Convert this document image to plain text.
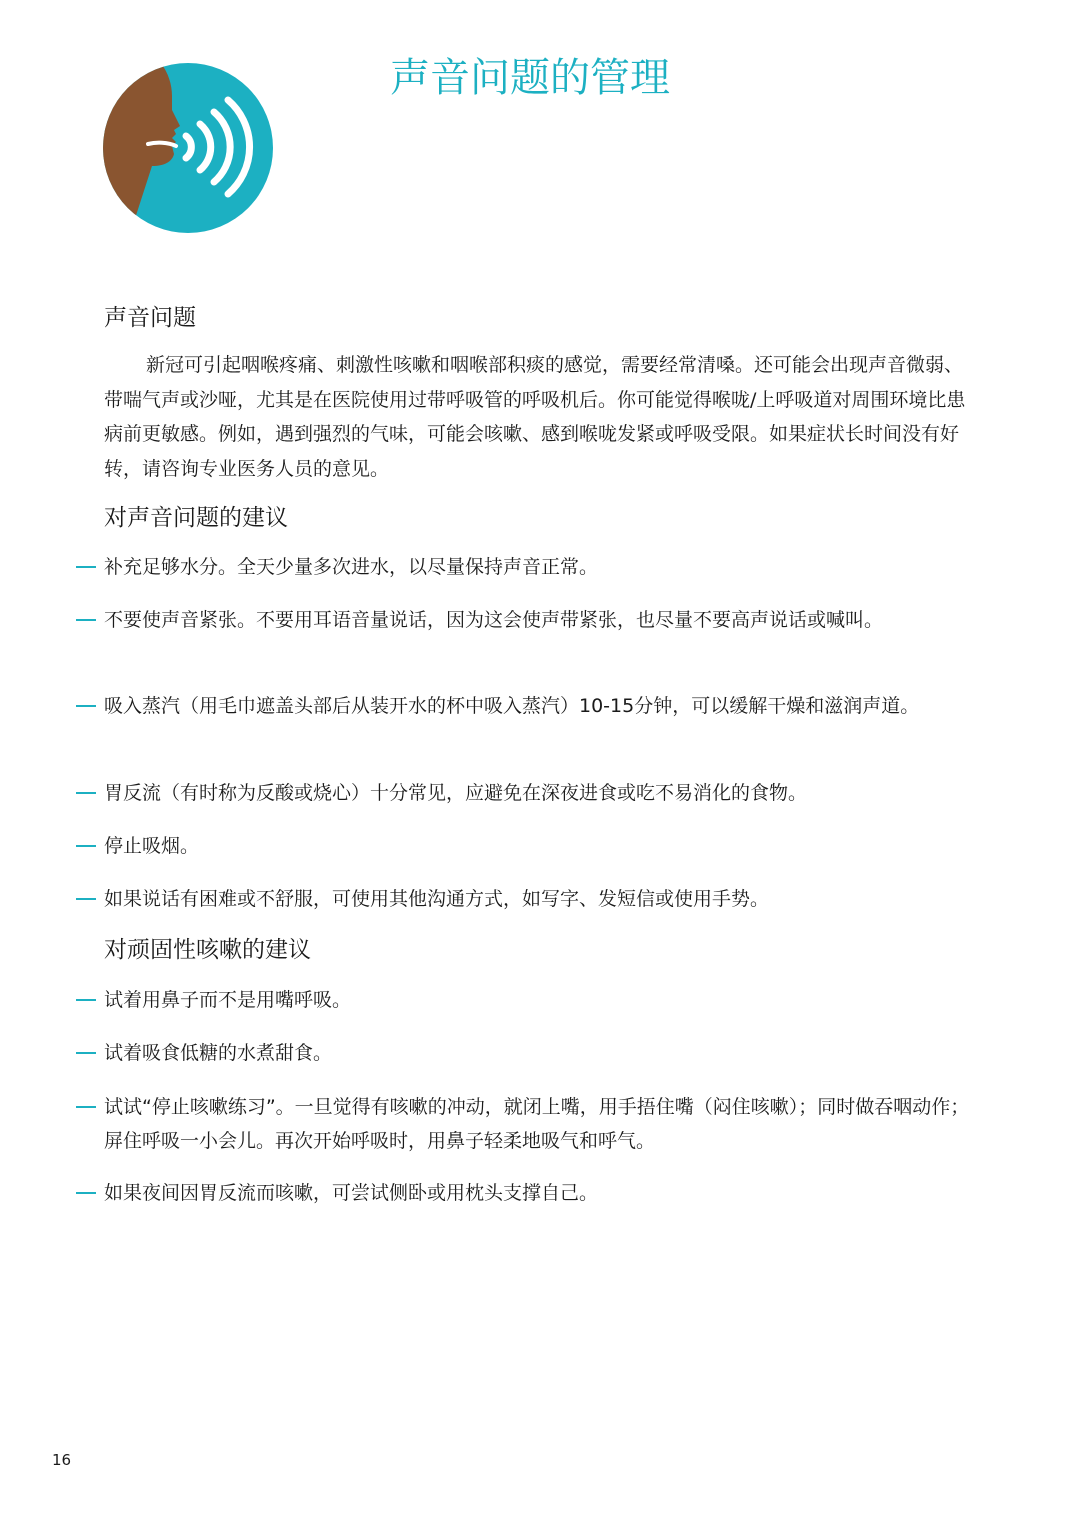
声音问题的管理
声音问题

新冠可引起咽喉疼痛、刺激性咳嗽和咽喉部积痰的感觉，需要经常清嗓。还可能会出现声音微弱、带喘气声或沙哑，尤其是在医院使用过带呼吸管的呼吸机后。你可能觉得喉咙/上呼吸道对周围环境比患病前更敏感。例如，遇到强烈的气味，可能会咳嗽、感到喉咙发紧或呼吸受限。如果症状长时间没有好转，请咨询专业医务人员的意见。

对声音问题的建议
补充足够水分。全天少量多次进水，以尽量保持声音正常。
不要使声音紧张。不要用耳语音量说话，因为这会使声带紧张，也尽量不要高声说话或喊叫。
吸入蒸汽（用毛巾遮盖头部后从装开水的杯中吸入蒸汽）10-15分钟，可以缓解干燥和滋润声道。
胃反流（有时称为反酸或烧心）十分常见，应避免在深夜进食或吃不易消化的食物。
停止吸烟。
如果说话有困难或不舒服，可使用其他沟通方式，如写字、发短信或使用手势。
对顽固性咳嗽的建议
试着用鼻子而不是用嘴呼吸。
试着吸食低糖的水煮甜食。
试试“停止咳嗽练习”。一旦觉得有咳嗽的冲动，就闭上嘴，用手捂住嘴（闷住咳嗽）；同时做吞咽动作；屏住呼吸一小会儿。再次开始呼吸时，用鼻子轻柔地吸气和呼气。
如果夜间因胃反流而咳嗽，可尝试侧卧或用枕头支撑自己。
16
